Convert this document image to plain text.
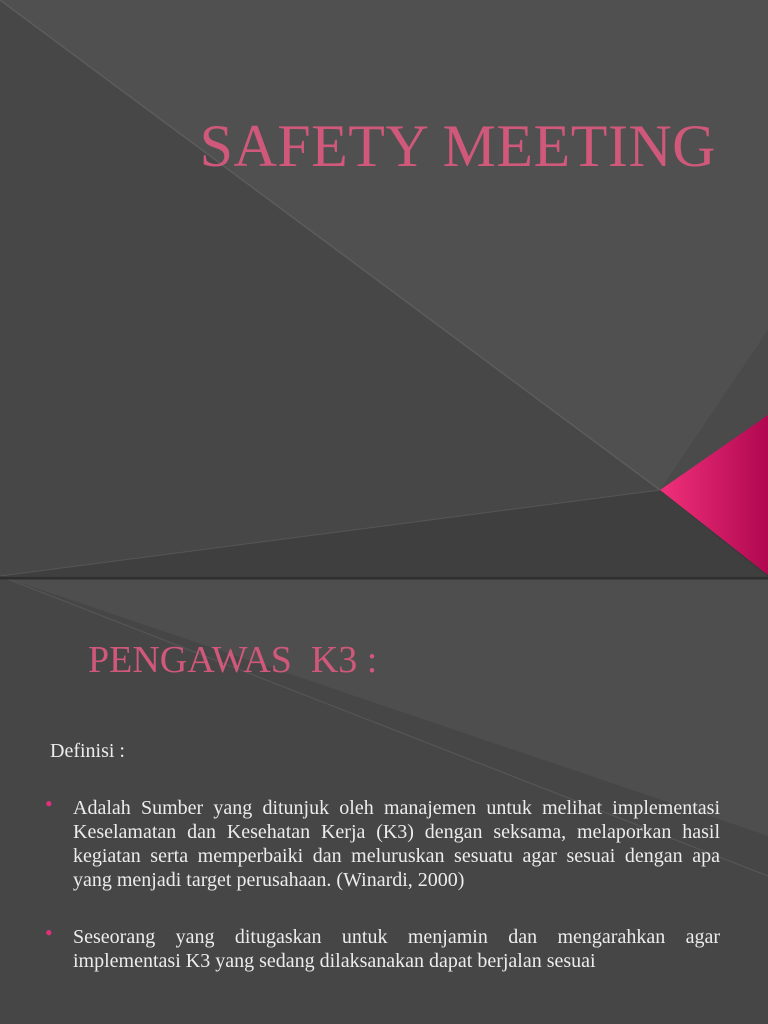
SAFETY MEETING
PENGAWAS  K3 :

Definisi :

• Adalah Sumber yang ditunjuk oleh manajemen untuk melihat implementasi Keselamatan dan Kesehatan Kerja (K3) dengan seksama, melaporkan hasil kegiatan serta memperbaiki dan meluruskan sesuatu agar sesuai dengan apa yang menjadi target perusahaan. (Winardi, 2000)
• Seseorang yang ditugaskan untuk menjamin dan mengarahkan agar implementasi K3 yang sedang dilaksanakan dapat berjalan sesuai
